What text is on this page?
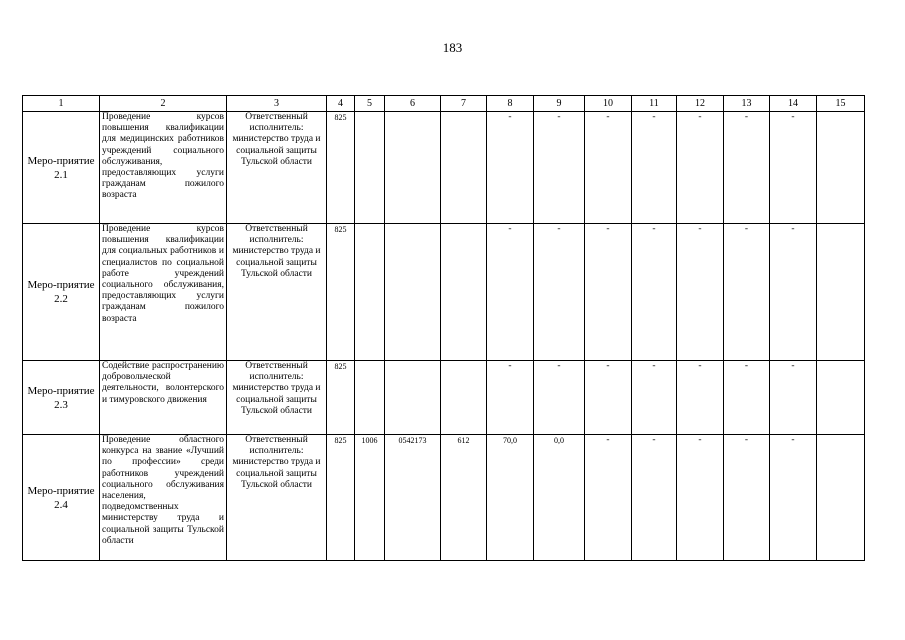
183
1	2	3	4	5	6	7	8	9	10	11	12	13	14	15
Меро-приятие 2.1	Проведение курсов повышения квалификации для медицинских работников учреждений социального обслуживания, предоставляющих услуги гражданам пожилого возраста	Ответственный исполнитель: министерство труда и социальной защиты Тульской области	825				-	-	-	-	-	-	-	
Меро-приятие 2.2	Проведение курсов повышения квалификации для социальных работников и специалистов по социальной работе учреждений социального обслуживания, предоставляющих услуги гражданам пожилого возраста	Ответственный исполнитель: министерство труда и социальной защиты Тульской области	825				-	-	-	-	-	-	-	
Меро-приятие 2.3	Содействие распространению добровольческой деятельности, волонтерского и тимуровского движения	Ответственный исполнитель: министерство труда и социальной защиты Тульской области	825				-	-	-	-	-	-	-	
Меро-приятие 2.4	Проведение областного конкурса на звание «Лучший по профессии» среди работников учреждений социального обслуживания населения, подведомственных министерству труда и социальной защиты Тульской области	Ответственный исполнитель: министерство труда и социальной защиты Тульской области	825	1006	0542173	612	70,0	0,0	-	-	-	-	-	
